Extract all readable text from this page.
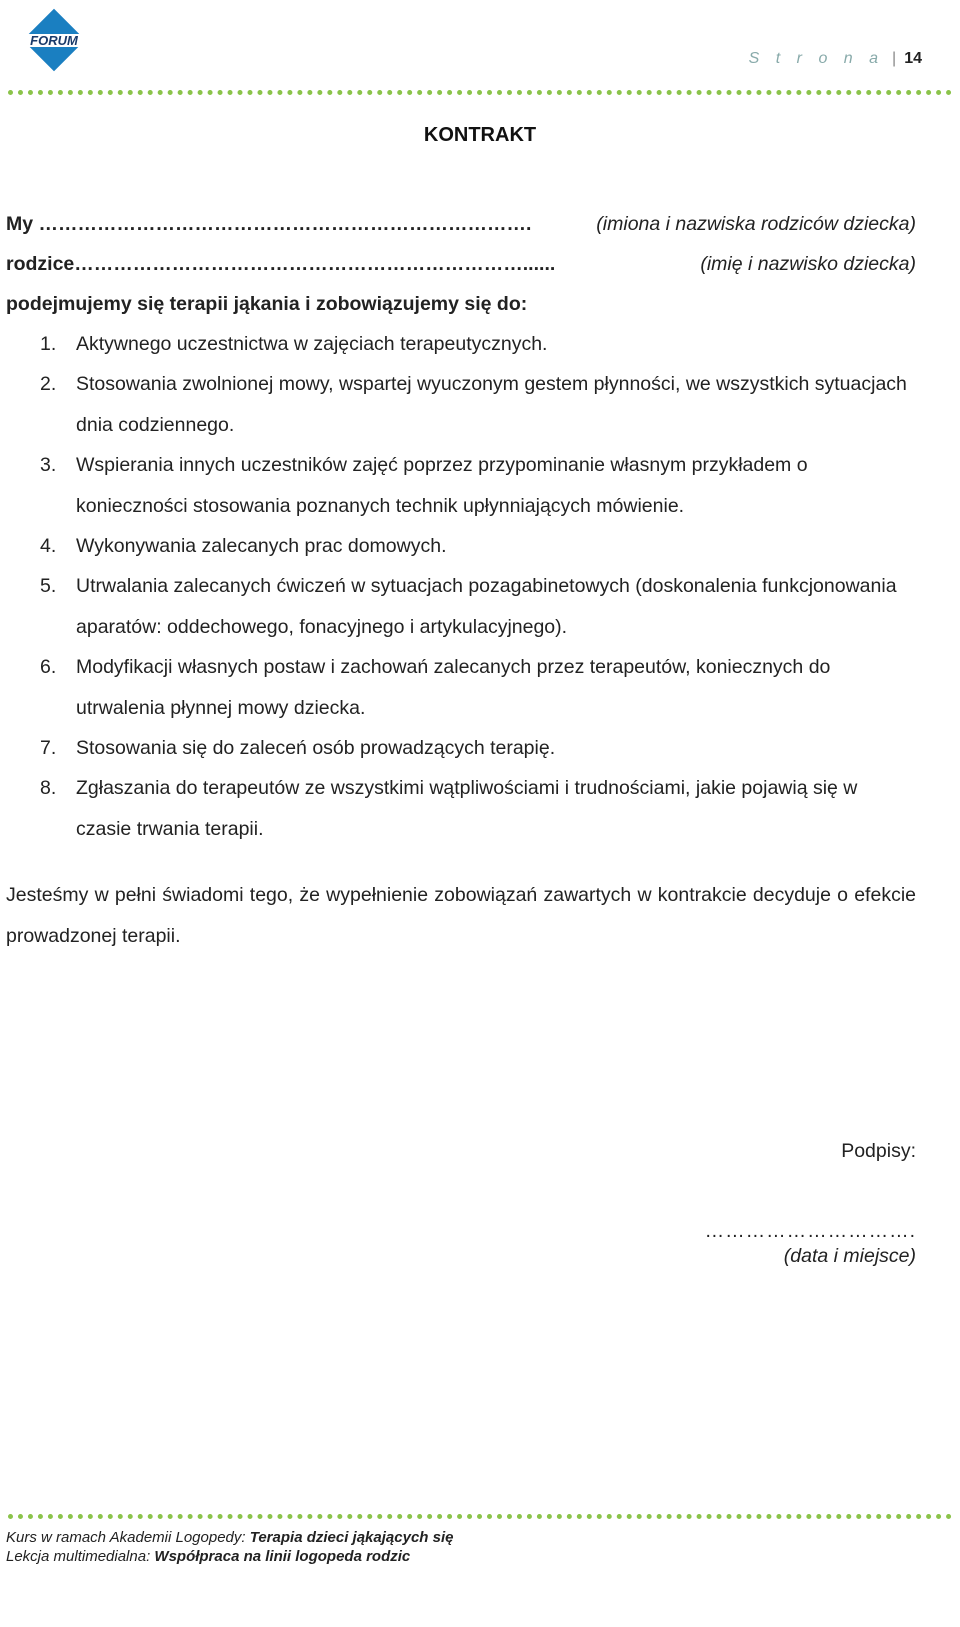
FORUM
S t r o n a | 14
KONTRAKT
My ………………………………………………………………….	(imiona i nazwiska rodziców dziecka)
rodzice……………………………………………………………......	(imię i nazwisko dziecka)
podejmujemy się terapii jąkania i zobowiązujemy się do:
1. Aktywnego uczestnictwa w zajęciach terapeutycznych.
2. Stosowania zwolnionej mowy, wspartej wyuczonym gestem płynności, we wszystkich sytuacjach dnia codziennego.
3. Wspierania innych uczestników zajęć poprzez przypominanie własnym przykładem o konieczności stosowania poznanych technik upłynniających mówienie.
4. Wykonywania zalecanych prac domowych.
5. Utrwalania zalecanych ćwiczeń w sytuacjach pozagabinetowych (doskonalenia funkcjonowania aparatów: oddechowego, fonacyjnego i artykulacyjnego).
6. Modyfikacji własnych postaw i zachowań zalecanych przez terapeutów, koniecznych do utrwalenia płynnej mowy dziecka.
7. Stosowania się do zaleceń osób prowadzących terapię.
8. Zgłaszania do terapeutów ze wszystkimi wątpliwościami i trudnościami, jakie pojawią się w czasie trwania terapii.
Jesteśmy w pełni świadomi tego, że wypełnienie zobowiązań zawartych w kontrakcie decyduje o efekcie prowadzonej terapii.
Podpisy:
………………………….
(data i miejsce)
Kurs w ramach Akademii Logopedy: Terapia dzieci jąkających się
Lekcja multimedialna: Współpraca na linii logopeda rodzic
